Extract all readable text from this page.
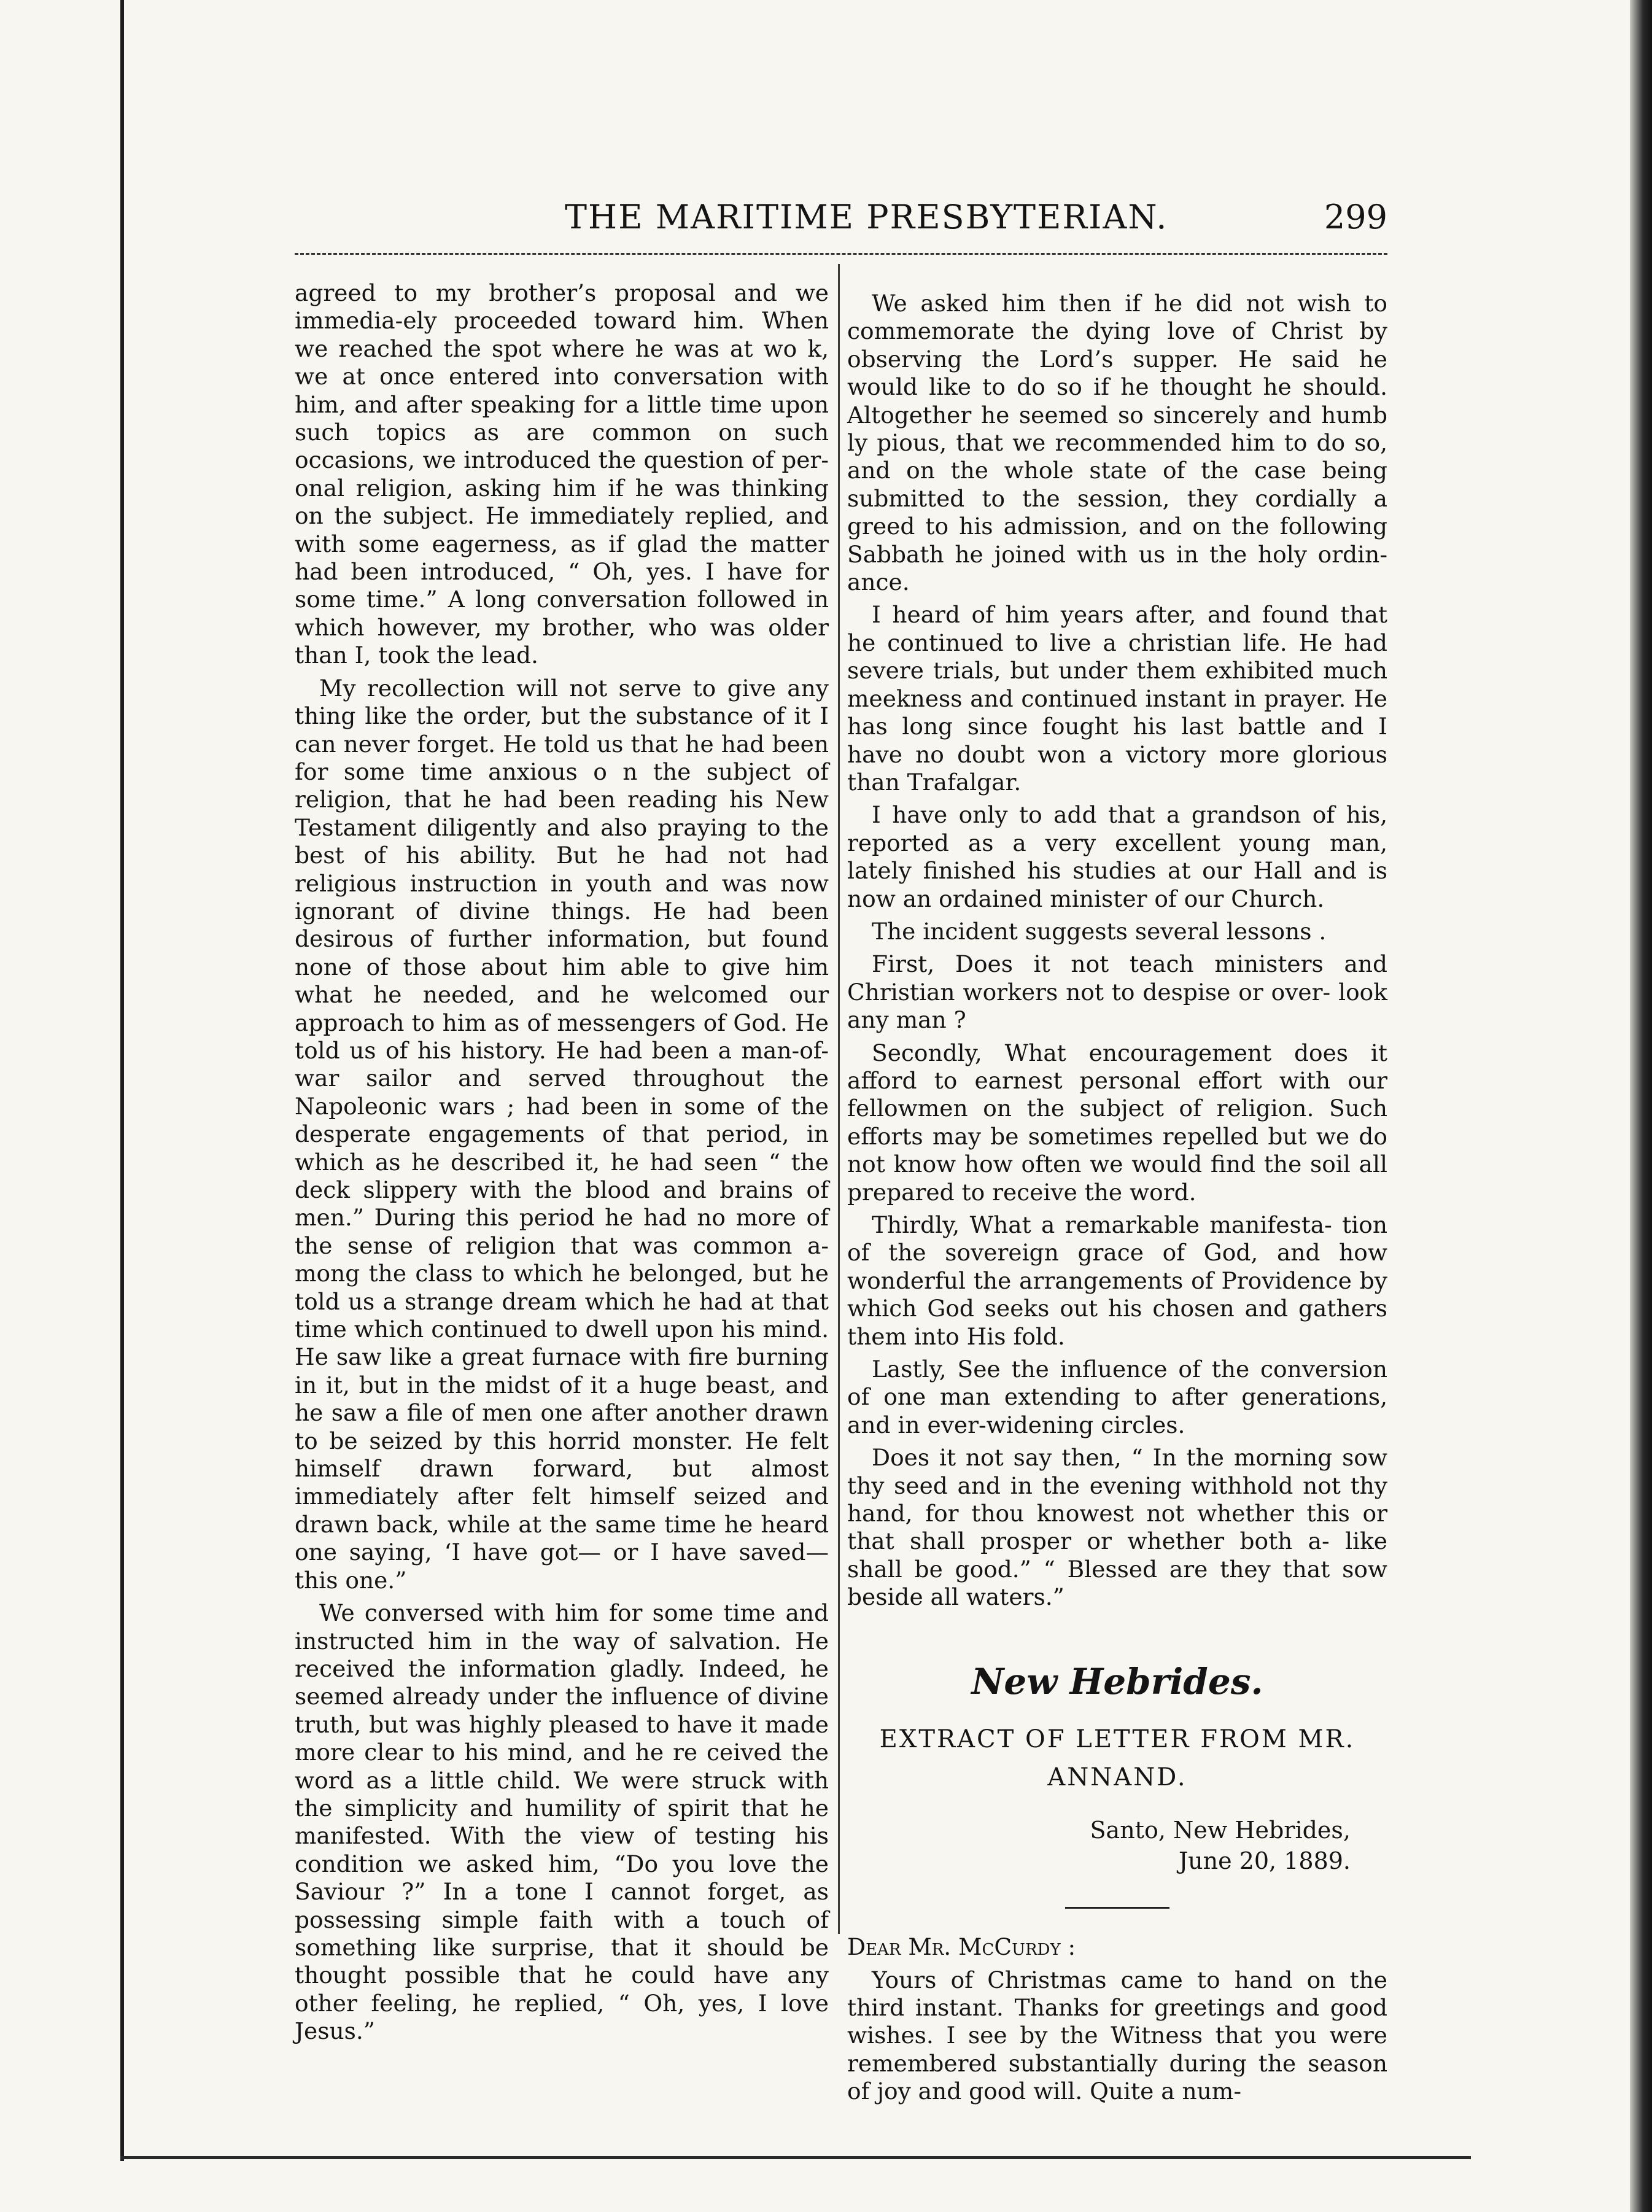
THE MARITIME PRESBYTERIAN.	299

agreed to my brother’s proposal and we immedia-ely proceeded toward him. When we reached the spot where he was at wo k, we at once entered into conversation with him, and after speaking for a little time upon such topics as are common on such occasions, we introduced the question of per-onal religion, asking him if he was thinking on the subject. He immediately replied, and with some eagerness, as if glad the matter had been introduced, “ Oh, yes. I have for some time.” A long conversation followed in which however, my brother, who was older than I, took the lead.

My recollection will not serve to give any thing like the order, but the substance of it I can never forget. He told us that he had been for some time anxious o n the subject of religion, that he had been reading his New Testament diligently and also praying to the best of his ability. But he had not had religious instruction in youth and was now ignorant of divine things. He had been desirous of further information, but found none of those about him able to give him what he needed, and he welcomed our approach to him as of messengers of God. He told us of his history. He had been a man-of-war sailor and served throughout the Napoleonic wars ; had been in some of the desperate engagements of that period, in which as he described it, he had seen “ the deck slippery with the blood and brains of men.” During this period he had no more of the sense of religion that was common a- mong the class to which he belonged, but he told us a strange dream which he had at that time which continued to dwell upon his mind. He saw like a great furnace with fire burning in it, but in the midst of it a huge beast, and he saw a file of men one after another drawn to be seized by this horrid monster. He felt himself drawn forward, but almost immediately after felt himself seized and drawn back, while at the same time he heard one saying, ‘I have got— or I have saved—this one.”

We conversed with him for some time and instructed him in the way of salvation. He received the information gladly. Indeed, he seemed already under the influence of divine truth, but was highly pleased to have it made more clear to his mind, and he re ceived the word as a little child. We were struck with the simplicity and humility of spirit that he manifested. With the view of testing his condition we asked him, “Do you love the Saviour ?” In a tone I cannot forget, as possessing simple faith with a touch of something like surprise, that it should be thought possible that he could have any other feeling, he replied, “ Oh, yes, I love Jesus.”

We asked him then if he did not wish to commemorate the dying love of Christ by observing the Lord’s supper. He said he would like to do so if he thought he should. Altogether he seemed so sincerely and humb ly pious, that we recommended him to do so, and on the whole state of the case being submitted to the session, they cordially a greed to his admission, and on the following Sabbath he joined with us in the holy ordin- ance.

I heard of him years after, and found that he continued to live a christian life. He had severe trials, but under them exhibited much meekness and continued instant in prayer. He has long since fought his last battle and I have no doubt won a victory more glorious than Trafalgar.

I have only to add that a grandson of his, reported as a very excellent young man, lately finished his studies at our Hall and is now an ordained minister of our Church.

The incident suggests several lessons .

First, Does it not teach ministers and Christian workers not to despise or over- look any man ?

Secondly, What encouragement does it afford to earnest personal effort with our fellowmen on the subject of religion. Such efforts may be sometimes repelled but we do not know how often we would find the soil all prepared to receive the word.

Thirdly, What a remarkable manifesta- tion of the sovereign grace of God, and how wonderful the arrangements of Providence by which God seeks out his chosen and gathers them into His fold.

Lastly, See the influence of the conversion of one man extending to after generations, and in ever-widening circles.

Does it not say then, “ In the morning sow thy seed and in the evening withhold not thy hand, for thou knowest not whether this or that shall prosper or whether both a- like shall be good.” “ Blessed are they that sow beside all waters.”

New Hebrides.
EXTRACT OF LETTER FROM MR.
ANNAND.
Santo, New Hebrides,
June 20, 1889.

Dear Mr. McCurdy :

Yours of Christmas came to hand on the third instant. Thanks for greetings and good wishes. I see by the Witness that you were remembered substantially during the season of joy and good will. Quite a num-
